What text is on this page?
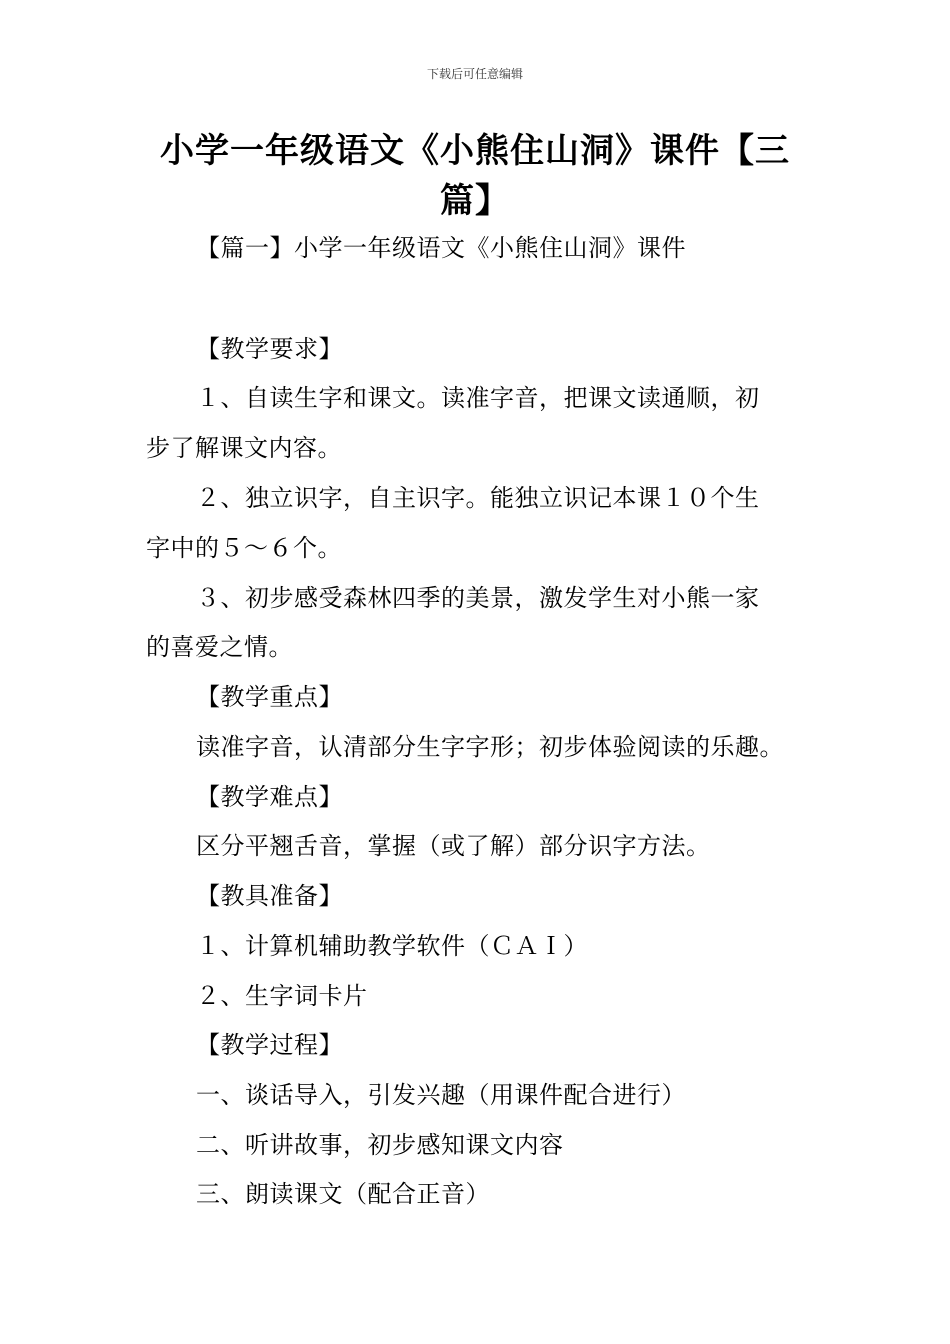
下载后可任意编辑
小学一年级语文《小熊住山洞》课件【三篇】
【篇一】小学一年级语文《小熊住山洞》课件
【教学要求】
１、自读生字和课文。读准字音，把课文读通顺，初
步了解课文内容。
２、独立识字，自主识字。能独立识记本课１０个生
字中的５～６个。
３、初步感受森林四季的美景，激发学生对小熊一家
的喜爱之情。
【教学重点】
读准字音，认清部分生字字形；初步体验阅读的乐趣。
【教学难点】
区分平翘舌音，掌握（或了解）部分识字方法。
【教具准备】
１、计算机辅助教学软件（ＣＡＩ）
２、生字词卡片
【教学过程】
一、谈话导入，引发兴趣（用课件配合进行）
二、听讲故事，初步感知课文内容
三、朗读课文（配合正音）
